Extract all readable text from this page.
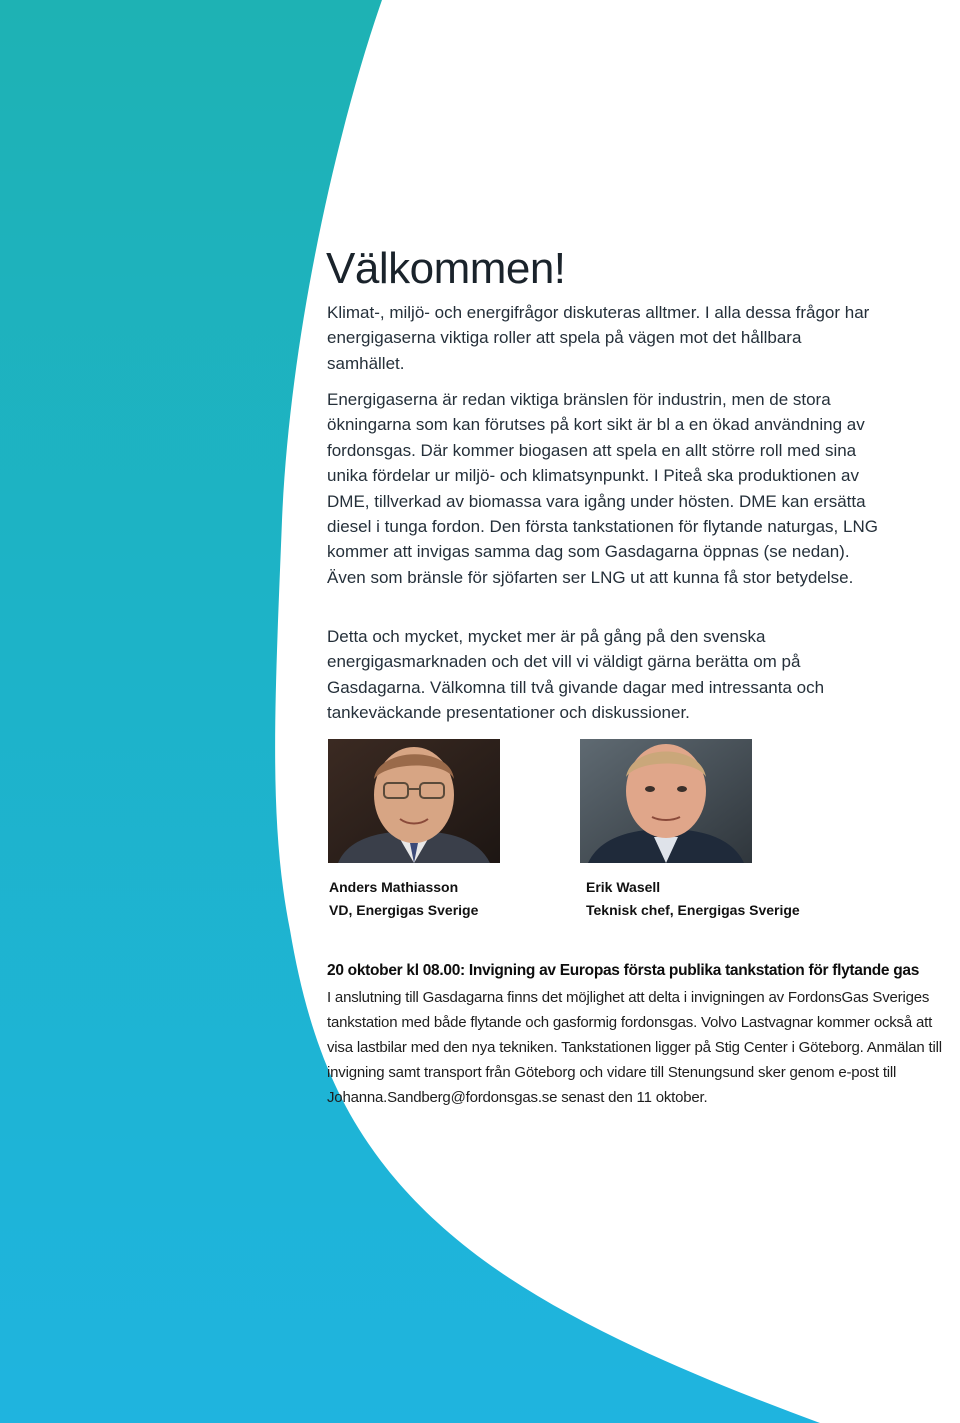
Välkommen!

Klimat-, miljö- och energifrågor diskuteras alltmer. I alla dessa frågor har energigaserna viktiga roller att spela på vägen mot det hållbara samhället.

Energigaserna är redan viktiga bränslen för industrin, men de stora ökningarna som kan förutses på kort sikt är bl a en ökad användning av fordonsgas. Där kommer biogasen att spela en allt större roll med sina unika fördelar ur miljö- och klimatsynpunkt. I Piteå ska produktionen av DME, tillverkad av biomassa vara igång under hösten. DME kan ersätta diesel i tunga fordon. Den första tankstationen för flytande naturgas, LNG kommer att invigas samma dag som Gasdagarna öppnas (se nedan). Även som bränsle för sjöfarten ser LNG ut att kunna få stor betydelse.

Detta och mycket, mycket mer är på gång på den svenska energigasmarknaden och det vill vi väldigt gärna berätta om på Gasdagarna. Välkomna till två givande dagar med intressanta och tankeväckande presentationer och diskussioner.

Anders Mathiasson
VD, Energigas Sverige
Erik Wasell
Teknisk chef, Energigas Sverige
20 oktober kl 08.00: Invigning av Europas första publika tankstation för flytande gas

I anslutning till Gasdagarna finns det möjlighet att delta i invigningen av FordonsGas Sveriges tankstation med både flytande och gasformig fordonsgas. Volvo Lastvagnar kommer också att visa lastbilar med den nya tekniken. Tankstationen ligger på Stig Center i Göteborg. Anmälan till invigning samt transport från Göteborg och vidare till Stenungsund sker genom e-post till Johanna.Sandberg@fordonsgas.se senast den 11 oktober.
